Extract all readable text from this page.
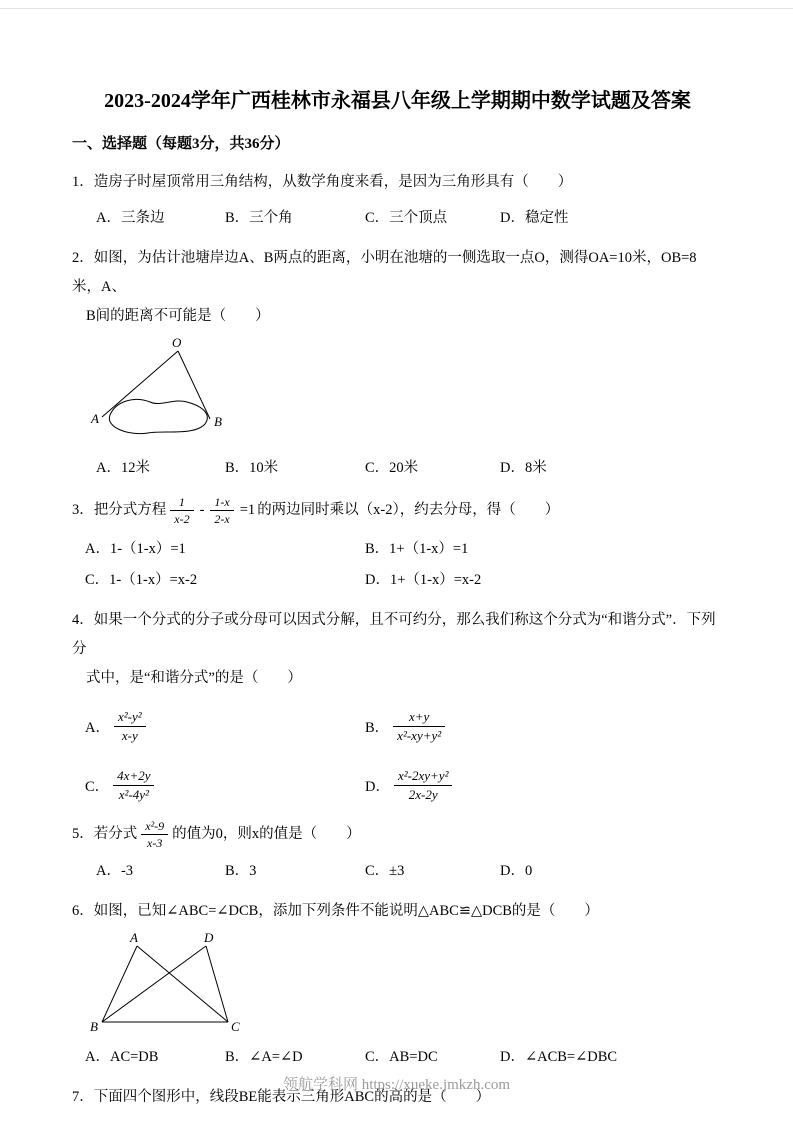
2023-2024学年广西桂林市永福县八年级上学期期中数学试题及答案
一、选择题（每题3分，共36分）
1．造房子时屋顶常用三角结构，从数学角度来看，是因为三角形具有（　　）
A．三条边	B．三个角	C．三个顶点	D．稳定性
2．如图，为估计池塘岸边A、B两点的距离，小明在池塘的一侧选取一点O，测得OA=10米，OB=8米，A、
B间的距离不可能是（　　）
O
A	B
A．12米	B．10米	C．20米	D．8米
3．把分式方程 $\frac{1}{x-2} - \frac{1-x}{2-x} =1$ 的两边同时乘以（x-2），约去分母，得（　　）
A．1-（1-x）=1	B．1+（1-x）=1
C．1-（1-x）=x-2	D．1+（1-x）=x-2
4．如果一个分式的分子或分母可以因式分解，且不可约分，那么我们称这个分式为“和谐分式”．下列分
式中，是“和谐分式”的是（　　）
A． $\frac{\text{x²-y²}}{x-y}$	B． $\frac{x+y}{\text{x²-xy+y²}}$
C． $\frac{4x+2y}{\text{x²-4y²}}$	D． $\frac{\text{x²-2xy+y²}}{2x-2y}$
5．若分式 $\frac{\text{x²-9}}{x-3}$ 的值为0，则x的值是（　　）
A．-3	B．3	C．±3	D．0
6．如图，已知∠ABC=∠DCB，添加下列条件不能说明△ABC≌△DCB的是（　　）
A	D
B	C
A．AC=DB	B．∠A=∠D	C．AB=DC	D．∠ACB=∠DBC
7．下面四个图形中，线段BE能表示三角形ABC的高的是（　　）
领航学科网 https://xueke.jmkzh.com
